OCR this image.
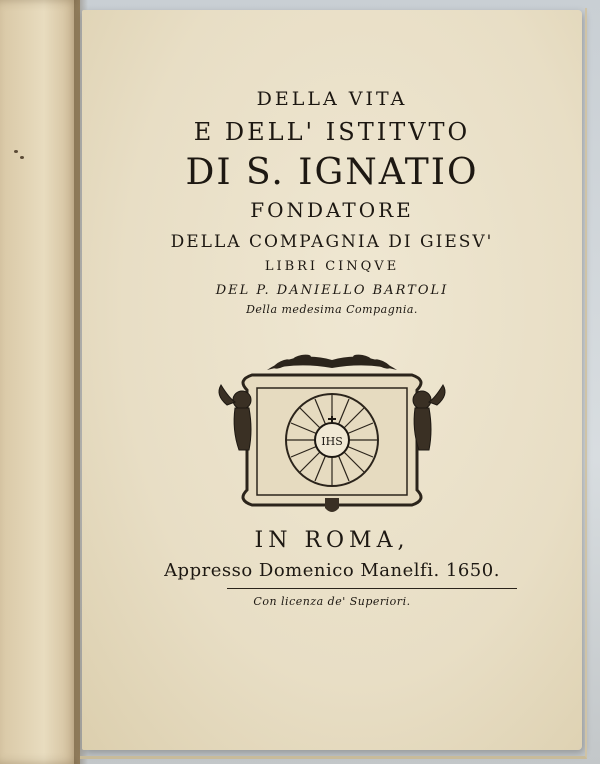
DELLA VITA
E DELL' ISTITVTO
DI S. IGNATIO
FONDATORE
DELLA COMPAGNIA DI GIESV'
LIBRI CINQVE
DEL P. DANIELLO BARTOLI
Della medesima Compagnia.
IHS
IN ROMA,
Appresso Domenico Manelfi. 1650.
Con licenza de' Superiori.
